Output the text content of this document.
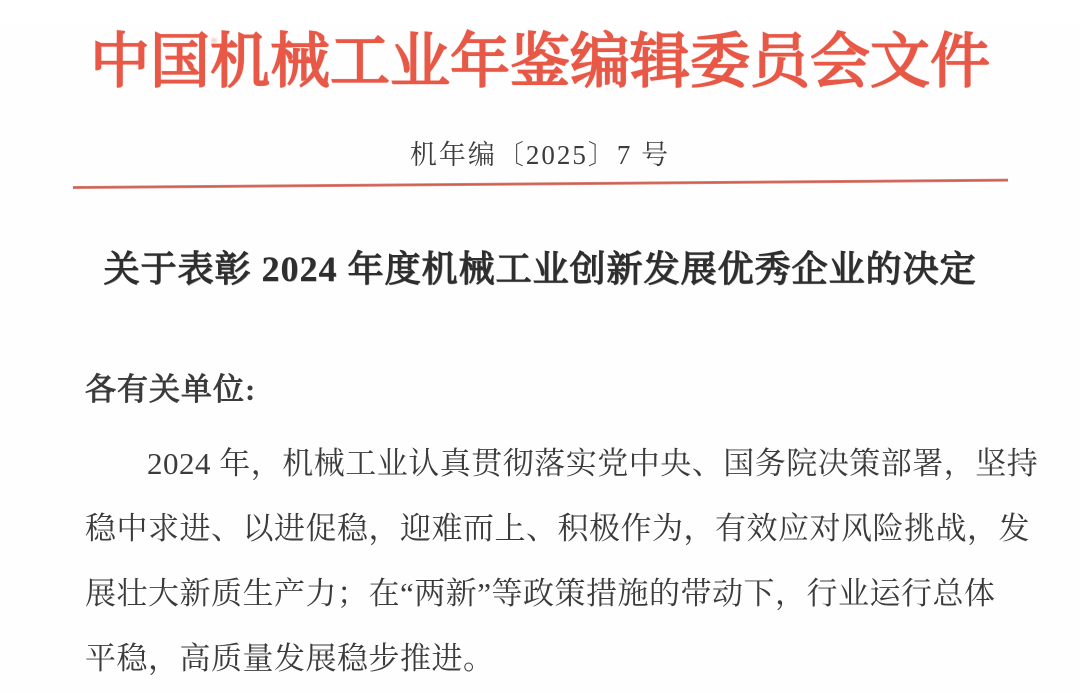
中国机械工业年鉴编辑委员会文件
机年编〔2025〕7 号
关于表彰 2024 年度机械工业创新发展优秀企业的决定
各有关单位:
2024 年，机械工业认真贯彻落实党中央、国务院决策部署，坚持
稳中求进、以进促稳，迎难而上、积极作为，有效应对风险挑战，发
展壮大新质生产力；在“两新”等政策措施的带动下，行业运行总体
平稳，高质量发展稳步推进。
